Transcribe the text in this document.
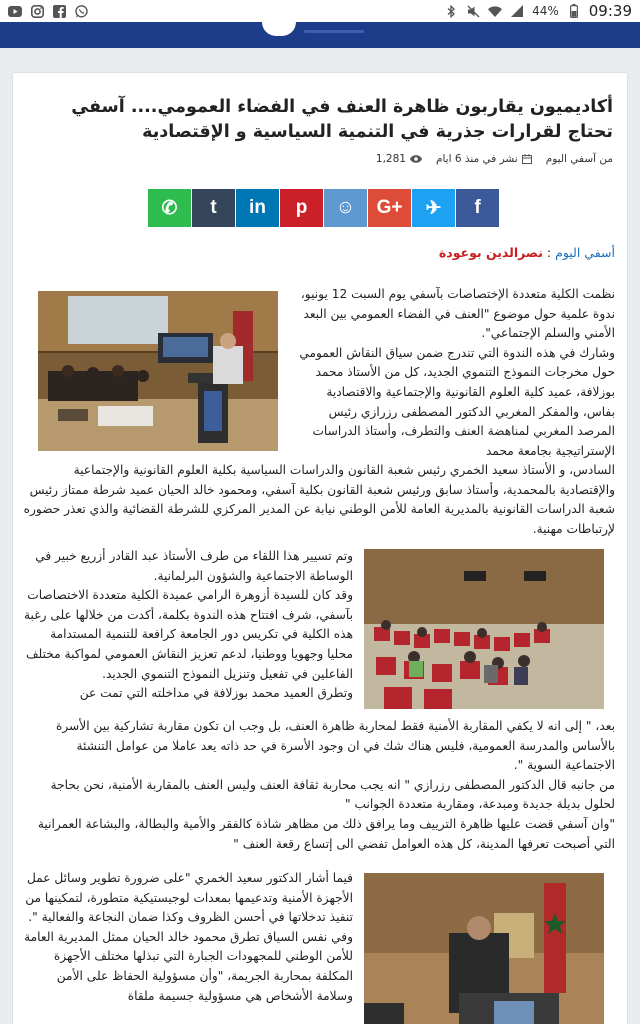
44% 09:39
أكاديميون يقاربون ظاهرة العنف في الفضاء العمومي.... آسفي تحتاج لقرارات جذرية في التنمية السياسية و الإقتصادية
من آسفي اليوم
نشر في منذ 6 ايام
1,281
✆ t in p ☺ G+ ✈ f
أسفي اليوم : نصرالدين بوعودة

نظمت الكلية متعددة الإختصاصات بآسفي يوم السبت 12 يونيو، ندوة علمية حول موضوع "العنف في الفضاء العمومي بين البعد الأمني والسلم الإجتماعي".

وشارك في هذه الندوة التي تندرج ضمن سياق النقاش العمومي حول مخرجات النموذج التنموي الجديد، كل من الأستاذ محمد بوزلافة، عميد كلية العلوم القانونية والإجتماعية والاقتصادية بفاس، والمفكر المغربي الدكتور المصطفى رزرازي رئيس المرصد المغربي لمناهضة العنف والتطرف، وأستاذ الدراسات الإستراتيجية بجامعة محمد

السادس، و الأستاذ سعيد الخمري رئيس شعبة القانون والدراسات السياسية بكلية العلوم القانونية والإجتماعية والإقتصادية بالمحمدية، وأستاذ سابق ورئيس شعبة القانون بكلية آسفي، ومحمود خالد الحيان عميد شرطة ممتاز رئيس شعبة الدراسات القانونية بالمديرية العامة للأمن الوطني نيابة عن المدير المركزي للشرطة القضائية والذي تعذر حضوره لإرتباطات مهنية.

وتم تسيير هذا اللقاء من طرف الأستاذ عبد القادر أزريع خبير في الوساطة الاجتماعية والشؤون البرلمانية.

وقد كان للسيدة أزوهرة الرامي عميدة الكلية متعددة الاختصاصات بآسفي، شرف افتتاح هذه الندوة بكلمة، أكدت من خلالها على رغبة هذه الكلية في تكريس دور الجامعة كرافعة للتنمية المستدامة محليا وجهويا ووطنيا، لدعم تعزيز النقاش العمومي لمواكبة مختلف الفاعلين في تفعيل وتنزيل النموذج التنموي الجديد.

وتطرق العميد محمد بوزلافة في مداخلته التي تمت عن

بعد، " إلى انه لا يكفي المقاربة الأمنية فقط لمحاربة ظاهرة العنف، بل وجب ان تكون مقاربة تشاركية بين الأسرة بالأساس والمدرسة العمومية، فليس هناك شك في ان وجود الأسرة في حد ذاته يعد عاملا من عوامل التنشئة الاجتماعية السوية ".

من جانبه قال الدكتور المصطفى رزرازي " انه يجب محاربة ثقافة العنف وليس العنف بالمقاربة الأمنية، نحن بحاجة لحلول بديلة جديدة ومبدعة، ومقاربة متعددة الجوانب "

"وان آسفي قضت عليها ظاهرة الترييف وما يرافق ذلك من مظاهر شاذة كالفقر والأمية والبطالة، والبشاعة العمرانية التي أصبحت تعرفها المدينة، كل هذه العوامل تفضي الى إتساع رقعة العنف "

فيما أشار الدكتور سعيد الخمري "على ضرورة تطوير وسائل عمل الأجهزة الأمنية وتدعيمها بمعدات لوجيستيكية متطورة، لتمكينها من تنفيذ تدخلاتها في أحسن الظروف وكذا ضمان النجاعة والفعالية ".

وفي نفس السياق تطرق محمود خالد الحيان ممثل المديرية العامة للأمن الوطني للمجهودات الجبارة التي تبذلها مختلف الأجهزة المكلفة بمحاربة الجريمة، "وأن مسؤولية الحفاظ على الأمن وسلامة الأشخاص هي مسؤولية جسيمة ملقاة
